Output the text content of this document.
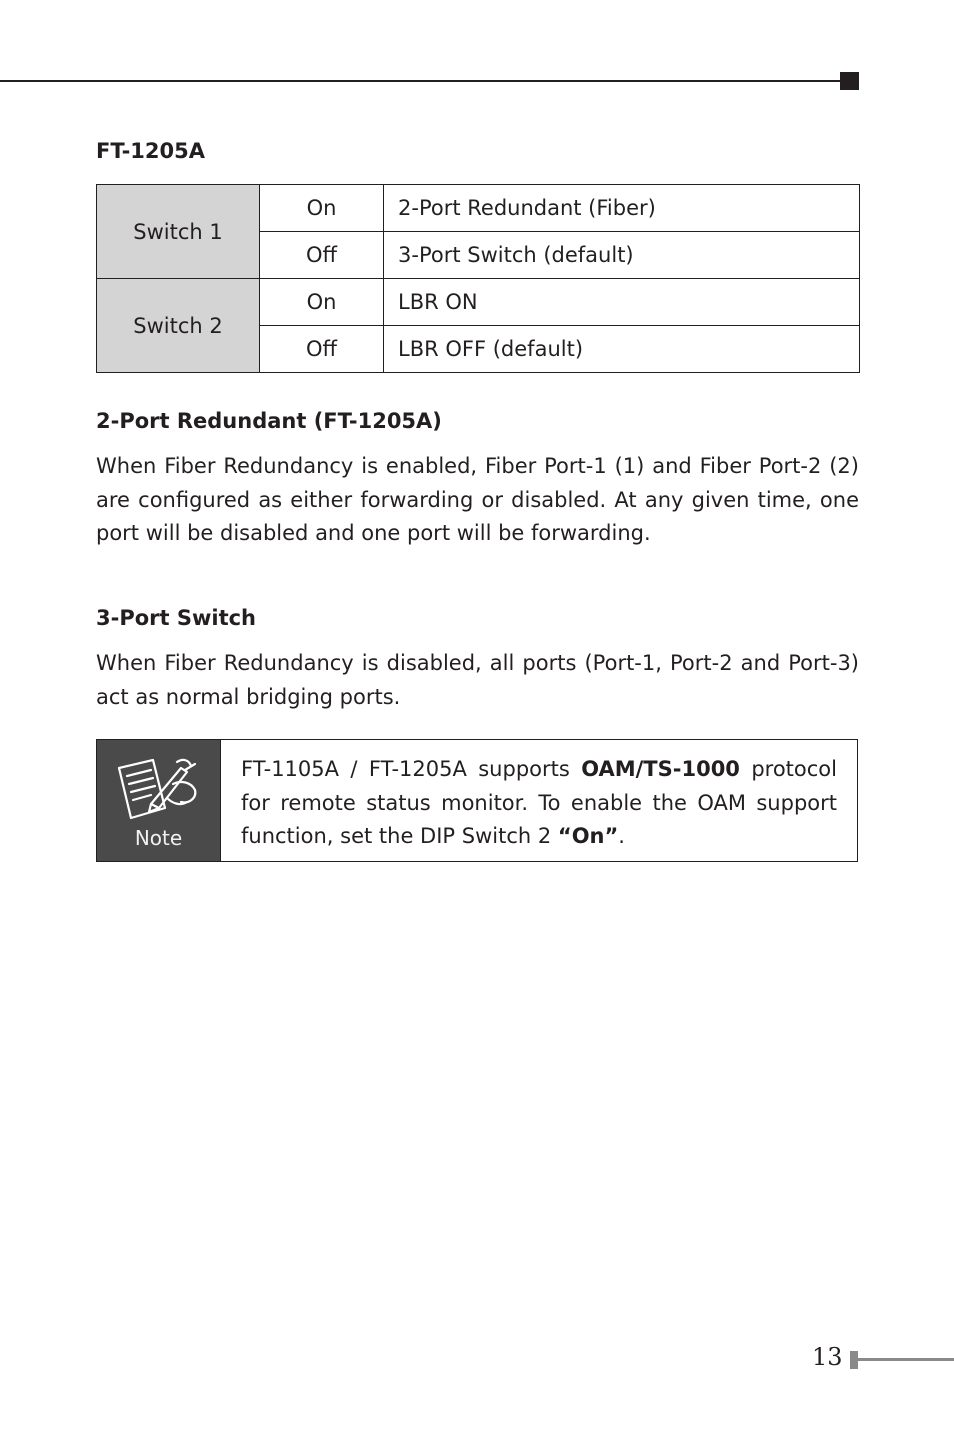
FT-1205A
Switch 1	On	2-Port Redundant (Fiber)
	Off	3-Port Switch (default)
Switch 2	On	LBR ON
	Off	LBR OFF (default)
2-Port Redundant (FT-1205A)
When Fiber Redundancy is enabled, Fiber Port-1 (1) and Fiber Port-2 (2) are configured as either forwarding or disabled. At any given time, one port will be disabled and one port will be forwarding.
3-Port Switch
When Fiber Redundancy is disabled, all ports (Port-1, Port-2 and Port-3) act as normal bridging ports.
Note
FT-1105A / FT-1205A supports OAM/TS-1000 protocol for remote status monitor. To enable the OAM support function, set the DIP Switch 2 “On”.
13
